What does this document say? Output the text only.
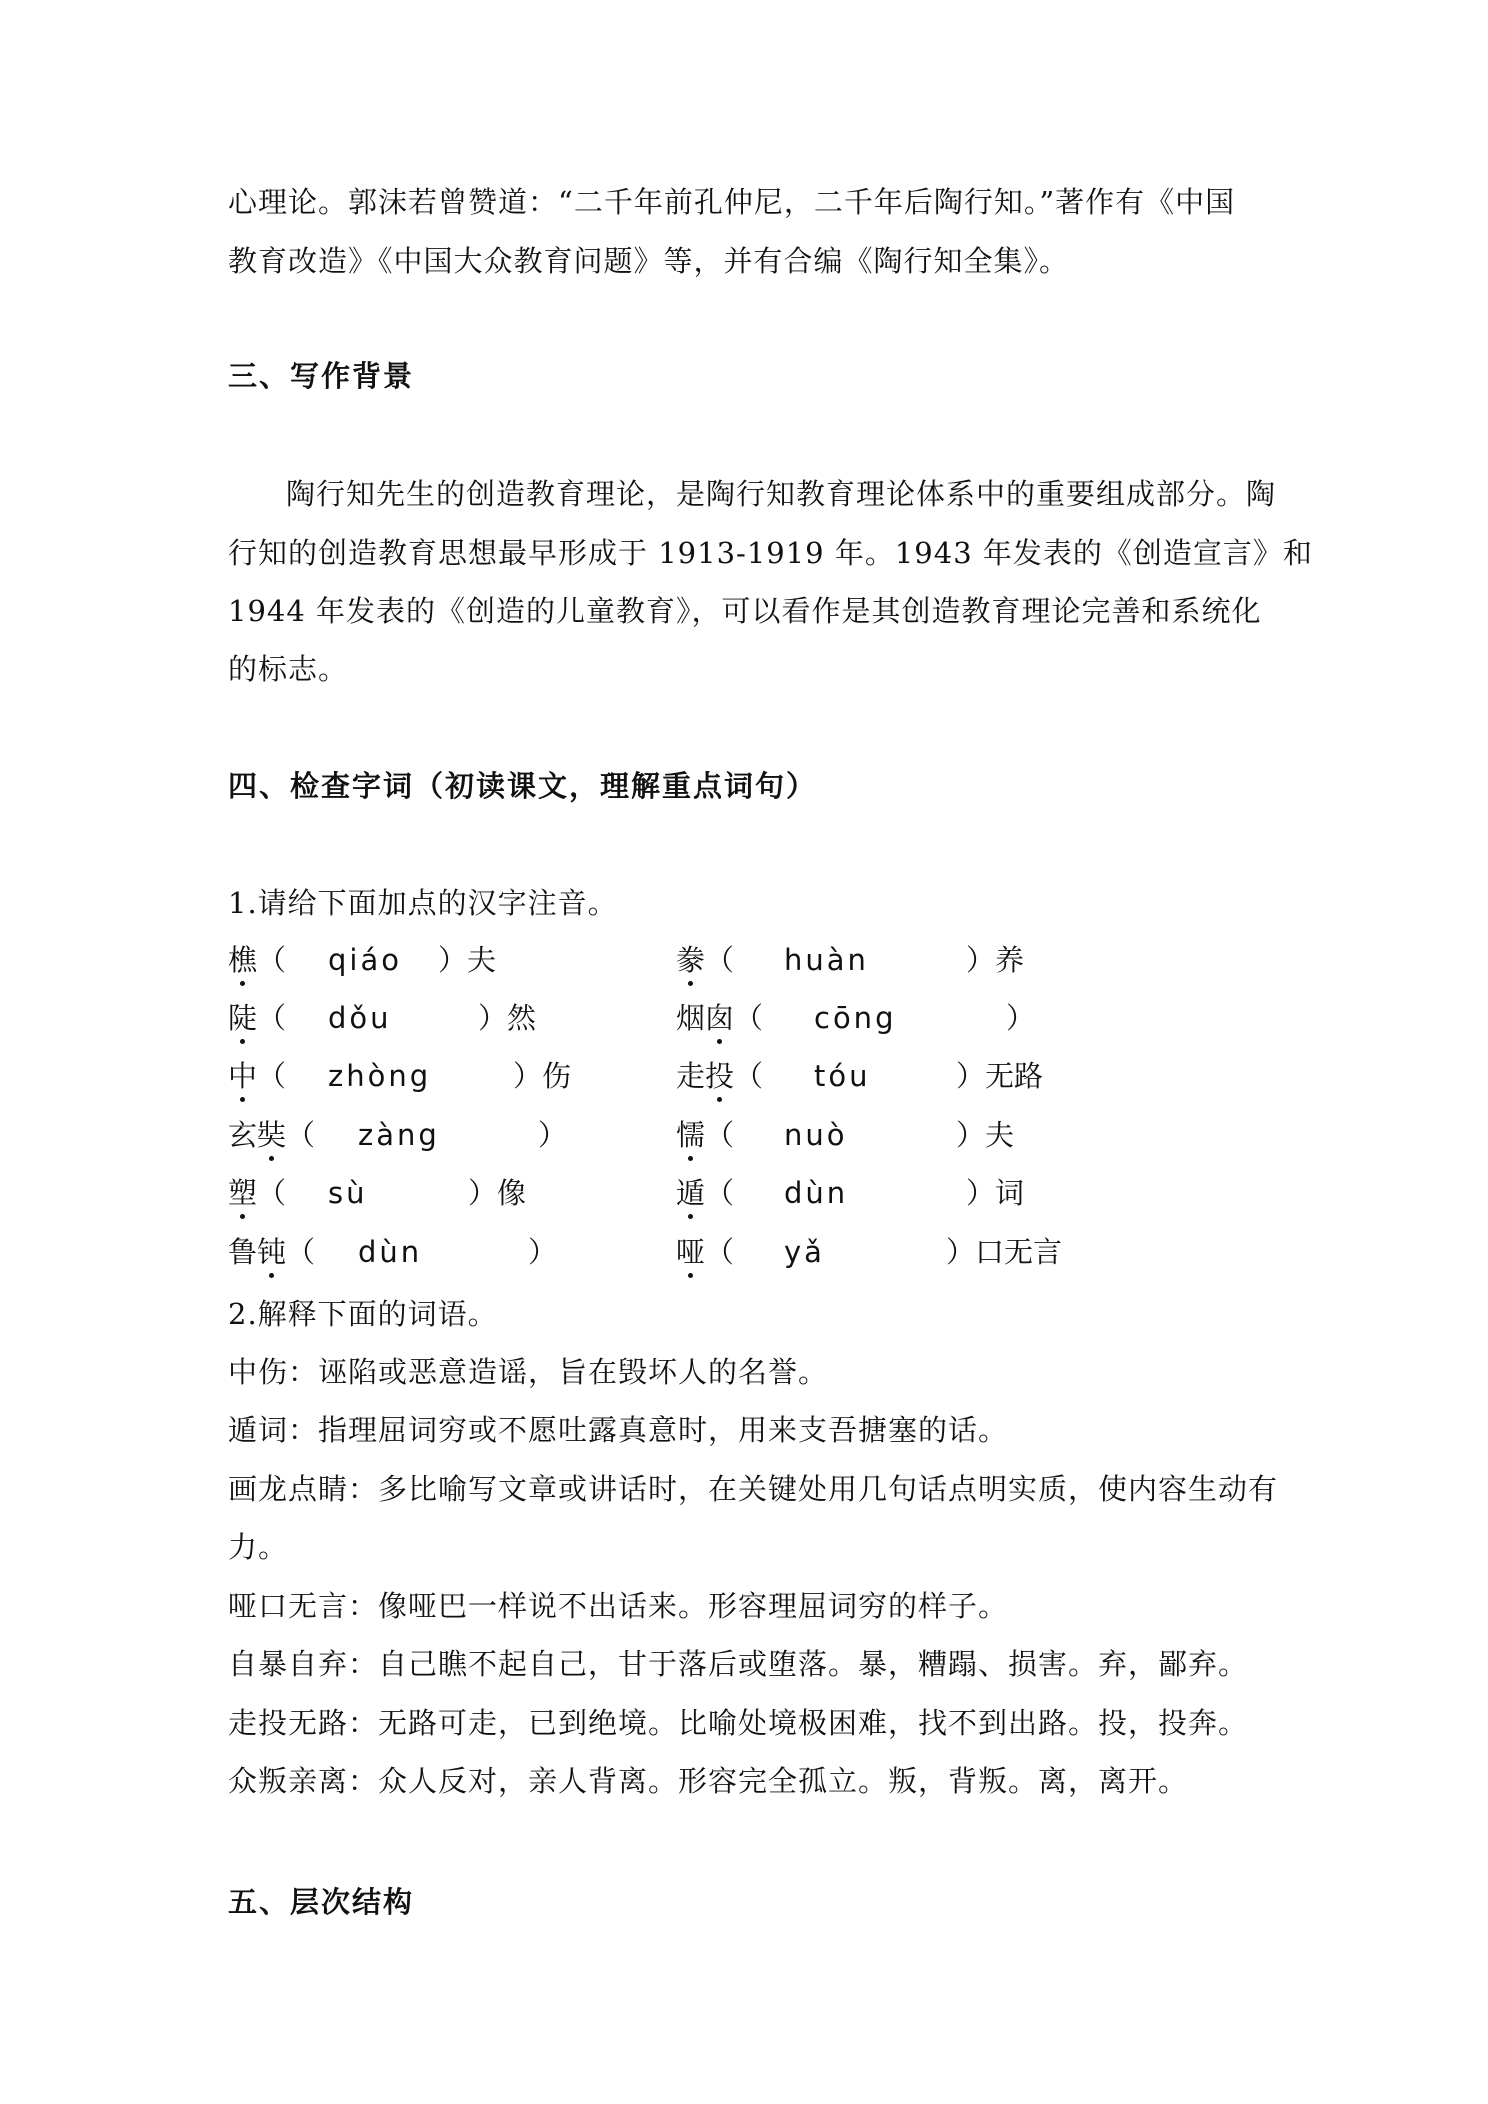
心理论。郭沫若曾赞道：“二千年前孔仲尼，二千年后陶行知。”著作有《中国
教育改造》《中国大众教育问题》等，并有合编《陶行知全集》。
三、写作背景
陶行知先生的创造教育理论，是陶行知教育理论体系中的重要组成部分。陶
行知的创造教育思想最早形成于 1913-1919 年。1943 年发表的《创造宣言》和
1944 年发表的《创造的儿童教育》，可以看作是其创造教育理论完善和系统化
的标志。
四、检查字词（初读课文，理解重点词句）
1.请给下面加点的汉字注音。
樵（ qiáo ）夫	豢（ huàn	）养
陡（ dǒu	）然	烟囱（ cōng	）
中（ zhòng	）伤	走投（ tóu	）无路
玄奘（ zàng	）	懦（ nuò	）夫
塑（ sù	）像	遁（ dùn	）词
鲁钝（ dùn	）	哑（ yǎ	）口无言
2.解释下面的词语。
中伤：诬陷或恶意造谣，旨在毁坏人的名誉。
遁词：指理屈词穷或不愿吐露真意时，用来支吾搪塞的话。
画龙点睛：多比喻写文章或讲话时，在关键处用几句话点明实质，使内容生动有
力。
哑口无言：像哑巴一样说不出话来。形容理屈词穷的样子。
自暴自弃：自己瞧不起自己，甘于落后或堕落。暴，糟蹋、损害。弃，鄙弃。
走投无路：无路可走，已到绝境。比喻处境极困难，找不到出路。投，投奔。
众叛亲离：众人反对，亲人背离。形容完全孤立。叛，背叛。离，离开。
五、层次结构
